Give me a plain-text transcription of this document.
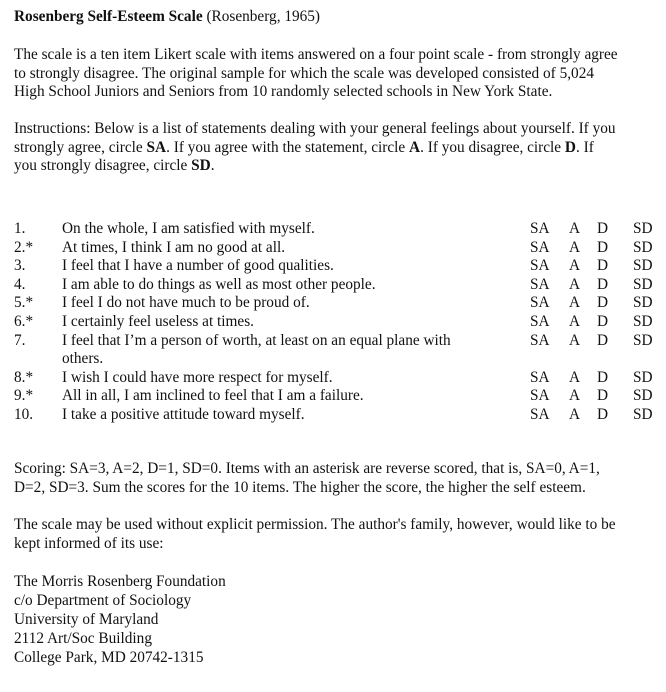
Rosenberg Self-Esteem Scale (Rosenberg, 1965)
The scale is a ten item Likert scale with items answered on a four point scale - from strongly agree
to strongly disagree. The original sample for which the scale was developed consisted of 5,024
High School Juniors and Seniors from 10 randomly selected schools in New York State.
Instructions: Below is a list of statements dealing with your general feelings about yourself. If you
strongly agree, circle SA. If you agree with the statement, circle A. If you disagree, circle D. If
you strongly disagree, circle SD.
1. On the whole, I am satisfied with myself.	SA A D SD
2.* At times, I think I am no good at all.	SA A D SD
3. I feel that I have a number of good qualities.	SA A D SD
4. I am able to do things as well as most other people.	SA A D SD
5.* I feel I do not have much to be proud of.	SA A D SD
6.* I certainly feel useless at times.	SA A D SD
7. I feel that I’m a person of worth, at least on an equal plane with others.
SA A D SD
8.* I wish I could have more respect for myself.	SA A D SD
9.* All in all, I am inclined to feel that I am a failure.	SA A D SD
10. I take a positive attitude toward myself.	SA A D SD
Scoring: SA=3, A=2, D=1, SD=0. Items with an asterisk are reverse scored, that is, SA=0, A=1,
D=2, SD=3. Sum the scores for the 10 items. The higher the score, the higher the self esteem.
The scale may be used without explicit permission. The author's family, however, would like to be
kept informed of its use:
The Morris Rosenberg Foundation
c/o Department of Sociology
University of Maryland
2112 Art/Soc Building
College Park, MD 20742-1315
